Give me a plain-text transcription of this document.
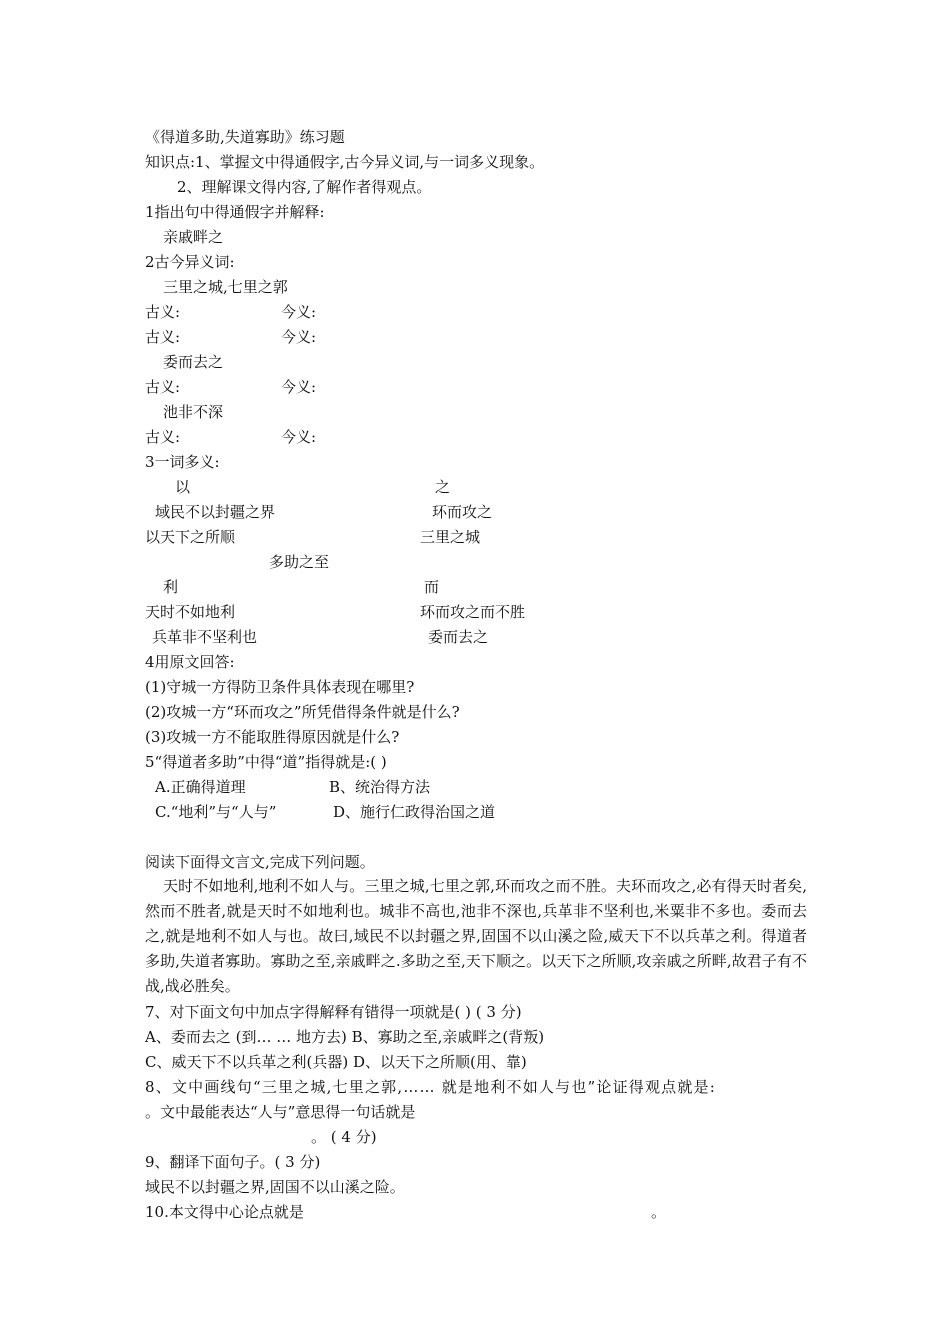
《得道多助,失道寡助》练习题
知识点:1、掌握文中得通假字,古今异义词,与一词多义现象。
2、理解课文得内容,了解作者得观点。
1指出句中得通假字并解释:
亲戚畔之
2古今异义词:
三里之城,七里之郭
古义:	今义:
古义:	今义:
委而去之
古义:	今义:
池非不深
古义:	今义:
3一词多义:
以	之
域民不以封疆之界	环而攻之
以天下之所顺	三里之城
多助之至
利	而
天时不如地利	环而攻之而不胜
兵革非不坚利也	委而去之
4用原文回答:
(1)守城一方得防卫条件具体表现在哪里?
(2)攻城一方“环而攻之”所凭借得条件就是什么?
(3)攻城一方不能取胜得原因就是什么?
5“得道者多助”中得“道”指得就是:( )
A.正确得道理	B、统治得方法
C.“地利”与“人与”	D、施行仁政得治国之道
阅读下面得文言文,完成下列问题。
天时不如地利,地利不如人与。三里之城,七里之郭,环而攻之而不胜。夫环而攻之,必有得天时者矣,然而不胜者,就是天时不如地利也。城非不高也,池非不深也,兵革非不坚利也,米粟非不多也。委而去之,就是地利不如人与也。故曰,域民不以封疆之界,固国不以山溪之险,威天下不以兵革之利。得道者多助,失道者寡助。寡助之至,亲戚畔之.多助之至,天下顺之。以天下之所顺,攻亲戚之所畔,故君子有不战,战必胜矣。
7、对下面文句中加点字得解释有错得一项就是( ) ( 3 分)
A、委而去之 (到… … 地方去) B、寡助之至,亲戚畔之(背叛)
C、威天下不以兵革之利(兵器) D、以天下之所顺(用、靠)
8、文中画线句“三里之城,七里之郭,…… 就是地利不如人与也”论证得观点就是:
。文中最能表达“人与”意思得一句话就是
。 ( 4 分)
9、翻译下面句子。( 3 分)
域民不以封疆之界,固国不以山溪之险。
10.本文得中心论点就是	。
